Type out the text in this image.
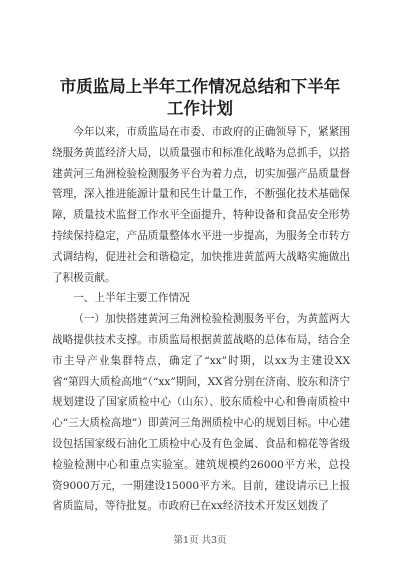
市质监局上半年工作情况总结和下半年工作计划

今年以来，市质监局在市委、市政府的正确领导下，紧紧围绕服务黄蓝经济大局，以质量强市和标准化战略为总抓手，以搭建黄河三角洲检验检测服务平台为着力点，切实加强产品质量督管理，深入推进能源计量和民生计量工作，不断强化技术基础保障，质量技术监督工作水平全面提升，特种设备和食品安全形势持续保持稳定，产品质量整体水平进一步提高，为服务全市转方式调结构，促进社会和谐稳定，加快推进黄蓝两大战略实施做出了积极贡献。

一、上半年主要工作情况

（一）加快搭建黄河三角洲检验检测服务平台，为黄蓝两大战略提供技术支撑。市质监局根据黄蓝战略的总体布局，结合全市主导产业集群特点，确定了“xx”时期，以xx为主建设XX省“第四大质检高地”（“xx”期间，XX省分别在济南、胶东和济宁规划建设了国家质检中心（山东）、胶东质检中心和鲁南质检中心“三大质检高地”）即黄河三角洲质检中心的规划目标。中心建设包括国家级石油化工质检中心及有色金属、食品和棉花等省级检验检测中心和重点实验室。建筑规模约26000平方米，总投资9000万元，一期建设15000平方米。目前，建设请示已上报省质监局，等待批复。市政府已在xx经济技术开发区划拨了

第1页 共3页
